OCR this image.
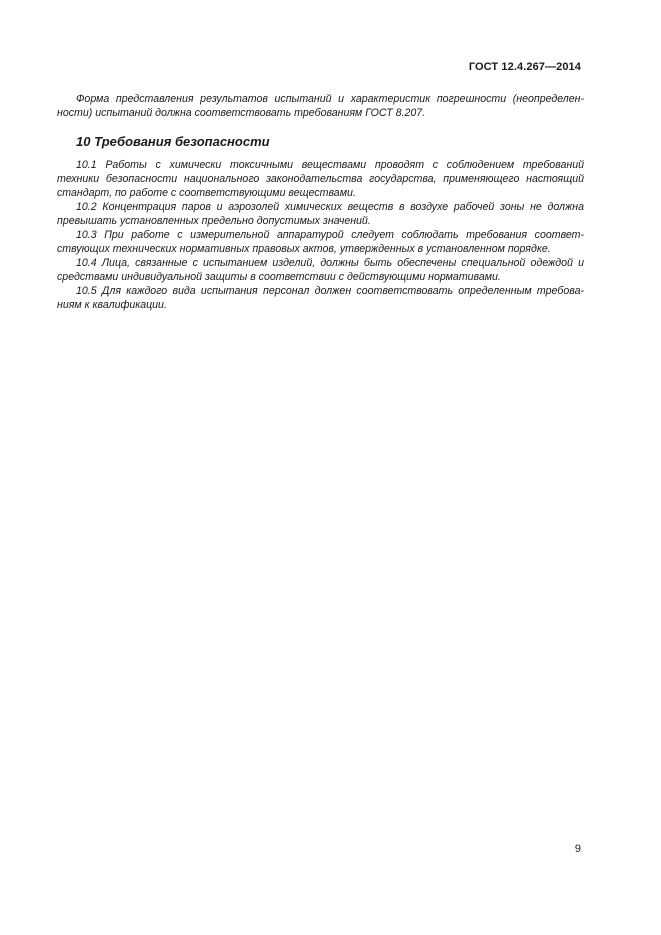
ГОСТ 12.4.267—2014
Форма представления результатов испытаний и характеристик погрешности (неопределен-
ности) испытаний должна соответствовать требованиям ГОСТ 8.207.
10 Требования безопасности
10.1 Работы с химически токсичными веществами проводят с соблюдением требований
техники безопасности национального законодательства государства, применяющего настоящий
стандарт, по работе с соответствующими веществами.
10.2 Концентрация паров и аэрозолей химических веществ в воздухе рабочей зоны не должна
превышать установленных предельно допустимых значений.
10.3 При работе с измерительной аппаратурой следует соблюдать требования соответ-
ствующих технических нормативных правовых актов, утвержденных в установленном порядке.
10.4 Лица, связанные с испытанием изделий, должны быть обеспечены специальной одеждой и
средствами индивидуальной защиты в соответствии с действующими нормативами.
10.5 Для каждого вида испытания персонал должен соответствовать определенным требова-
ниям к квалификации.
9
